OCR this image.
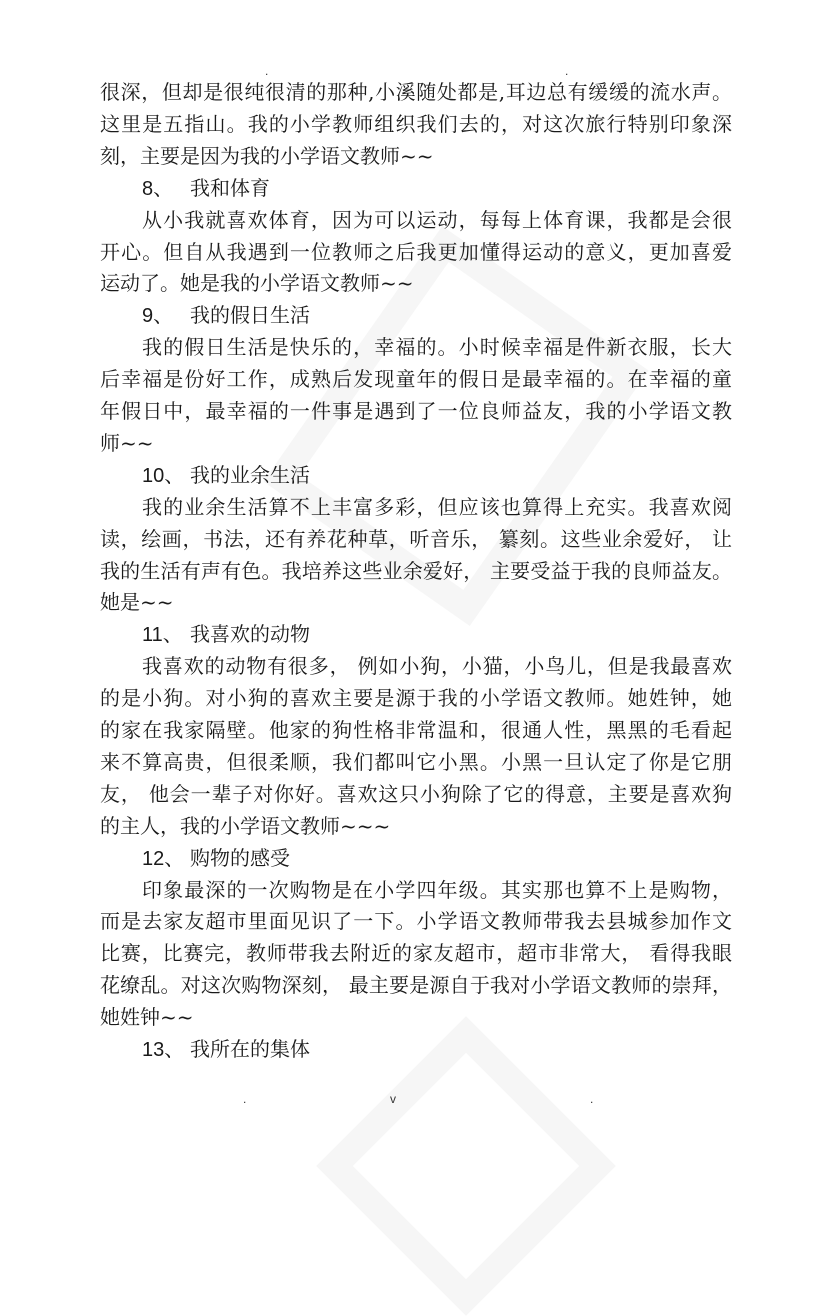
.	.
很深，但却是很纯很清的那种,小溪随处都是,耳边总有缓缓的流水声。
这里是五指山。我的小学教师组织我们去的，对这次旅行特别印象深
刻，主要是因为我的小学语文教师~~
8、 我和体育
从小我就喜欢体育，因为可以运动，每每上体育课，我都是会很
开心。但自从我遇到一位教师之后我更加懂得运动的意义，更加喜爱
运动了。她是我的小学语文教师~~
9、 我的假日生活
我的假日生活是快乐的，幸福的。小时候幸福是件新衣服，长大
后幸福是份好工作，成熟后发现童年的假日是最幸福的。在幸福的童
年假日中，最幸福的一件事是遇到了一位良师益友，我的小学语文教
师~~
10、 我的业余生活
我的业余生活算不上丰富多彩，但应该也算得上充实。我喜欢阅
读，绘画，书法，还有养花种草，听音乐， 纂刻。这些业余爱好， 让
我的生活有声有色。我培养这些业余爱好， 主要受益于我的良师益友。
她是~~
11、 我喜欢的动物
我喜欢的动物有很多， 例如小狗，小猫，小鸟儿，但是我最喜欢
的是小狗。对小狗的喜欢主要是源于我的小学语文教师。她姓钟，她
的家在我家隔壁。他家的狗性格非常温和，很通人性，黑黑的毛看起
来不算高贵，但很柔顺，我们都叫它小黑。小黑一旦认定了你是它朋
友， 他会一辈子对你好。喜欢这只小狗除了它的得意，主要是喜欢狗
的主人，我的小学语文教师~~~
12、 购物的感受
印象最深的一次购物是在小学四年级。其实那也算不上是购物，
而是去家友超市里面见识了一下。小学语文教师带我去县城参加作文
比赛，比赛完，教师带我去附近的家友超市，超市非常大， 看得我眼
花缭乱。对这次购物深刻， 最主要是源自于我对小学语文教师的崇拜，
她姓钟~~
13、 我所在的集体
.	v	.
